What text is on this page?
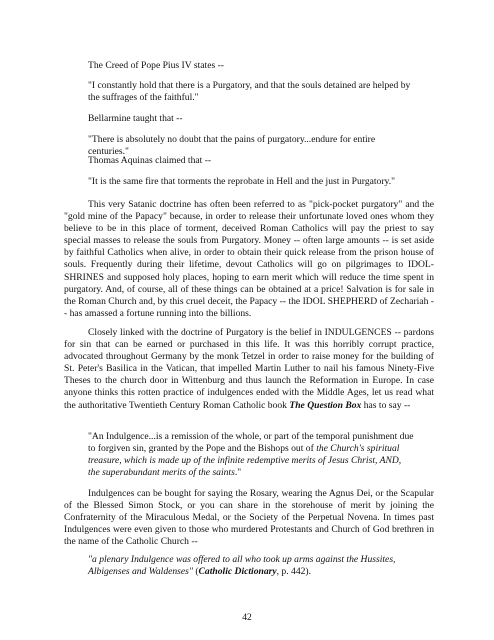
The Creed of Pope Pius IV states --

"I constantly hold that there is a Purgatory, and that the souls detained are helped by the suffrages of the faithful."

Bellarmine taught that --

"There is absolutely no doubt that the pains of purgatory...endure for entire centuries."

Thomas Aquinas claimed that --

"It is the same fire that torments the reprobate in Hell and the just in Purgatory."

This very Satanic doctrine has often been referred to as "pick-pocket purgatory" and the "gold mine of the Papacy" because, in order to release their unfortunate loved ones whom they believe to be in this place of torment, deceived Roman Catholics will pay the priest to say special masses to release the souls from Purgatory. Money -- often large amounts -- is set aside by faithful Catholics when alive, in order to obtain their quick release from the prison house of souls. Frequently during their lifetime, devout Catholics will go on pilgrimages to IDOL-SHRINES and supposed holy places, hoping to earn merit which will reduce the time spent in purgatory. And, of course, all of these things can be obtained at a price! Salvation is for sale in the Roman Church and, by this cruel deceit, the Papacy -- the IDOL SHEPHERD of Zechariah -- has amassed a fortune running into the billions.

Closely linked with the doctrine of Purgatory is the belief in INDULGENCES -- pardons for sin that can be earned or purchased in this life. It was this horribly corrupt practice, advocated throughout Germany by the monk Tetzel in order to raise money for the building of St. Peter's Basilica in the Vatican, that impelled Martin Luther to nail his famous Ninety-Five Theses to the church door in Wittenburg and thus launch the Reformation in Europe. In case anyone thinks this rotten practice of indulgences ended with the Middle Ages, let us read what the authoritative Twentieth Century Roman Catholic book The Question Box has to say --

"An Indulgence...is a remission of the whole, or part of the temporal punishment due to forgiven sin, granted by the Pope and the Bishops out of the Church's spiritual treasure, which is made up of the infinite redemptive merits of Jesus Christ, AND, the superabundant merits of the saints."

Indulgences can be bought for saying the Rosary, wearing the Agnus Dei, or the Scapular of the Blessed Simon Stock, or you can share in the storehouse of merit by joining the Confraternity of the Miraculous Medal, or the Society of the Perpetual Novena. In times past Indulgences were even given to those who murdered Protestants and Church of God brethren in the name of the Catholic Church --

"a plenary Indulgence was offered to all who took up arms against the Hussites, Albigenses and Waldenses" (Catholic Dictionary, p. 442).

42
